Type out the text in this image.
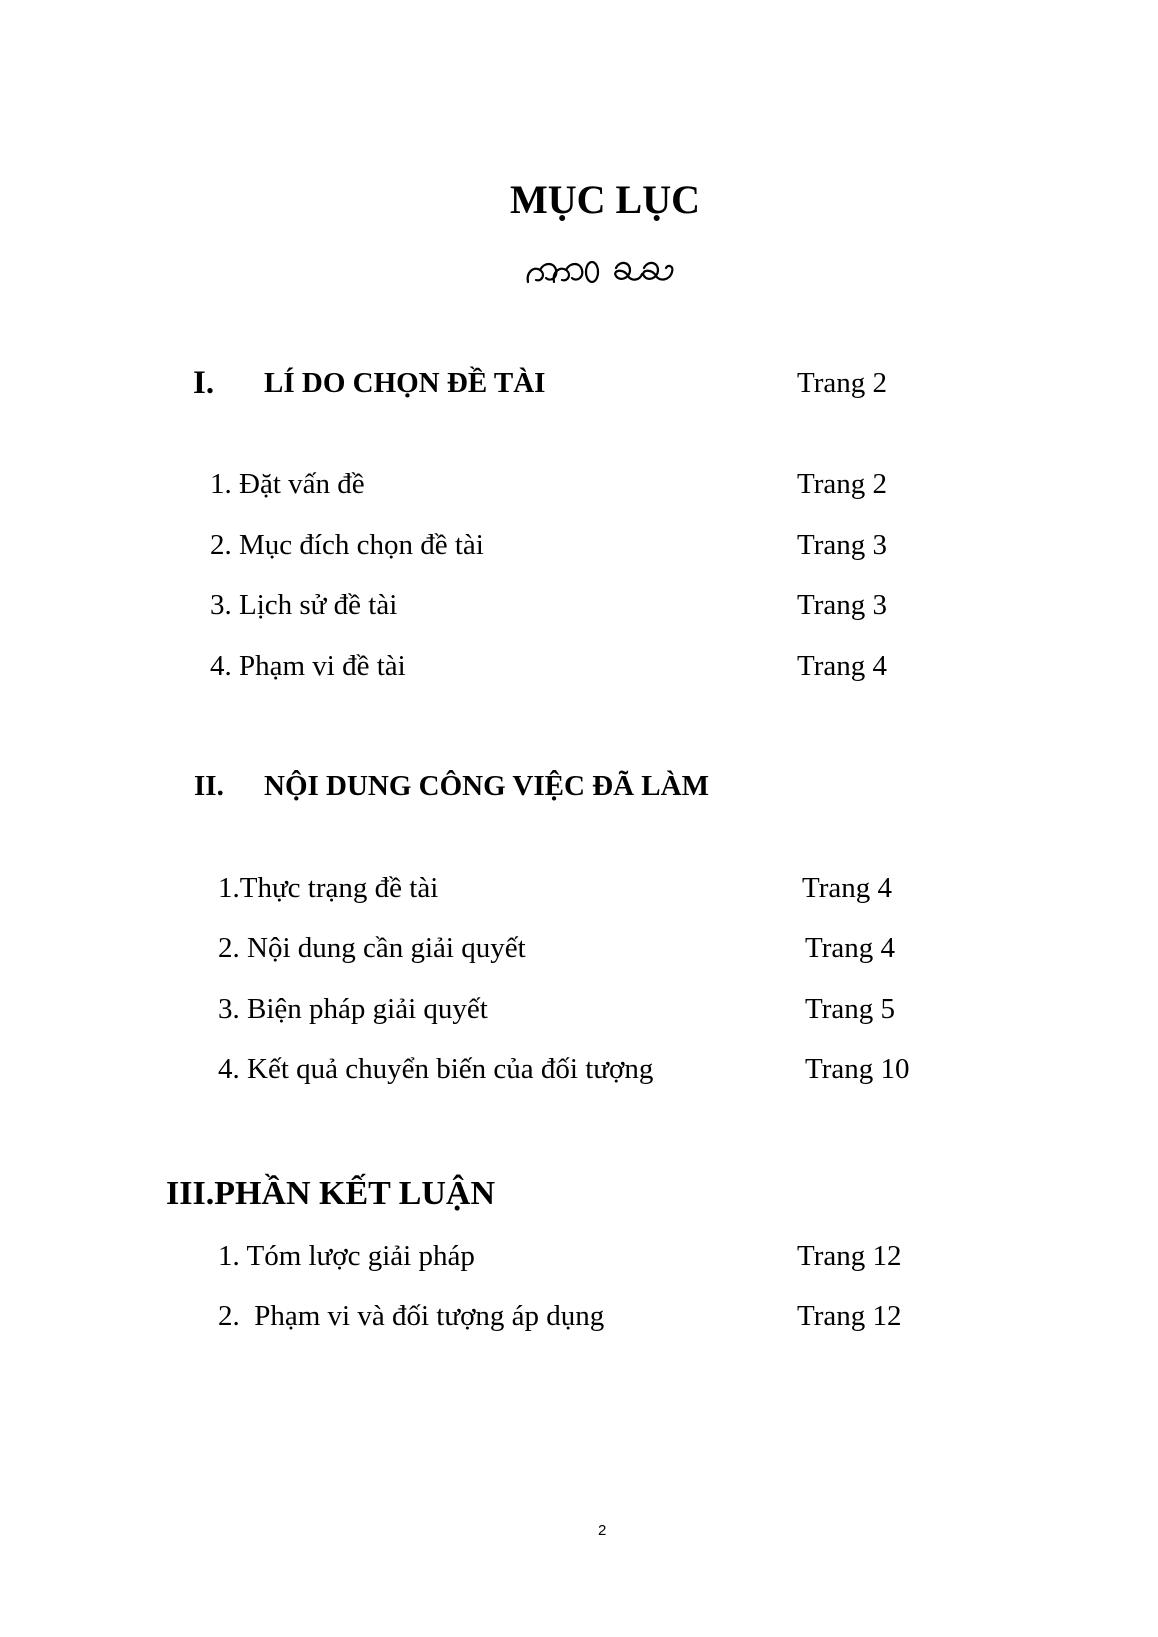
MỤC LỤC
I. LÍ DO CHỌN ĐỀ TÀI	Trang 2
1. Đặt vấn đề	Trang 2
2. Mục đích chọn đề tài	Trang 3
3. Lịch sử đề tài	Trang 3
4. Phạm vi đề tài	Trang 4
II. NỘI DUNG CÔNG VIỆC ĐÃ LÀM
1.Thực trạng đề tài	Trang 4
2. Nội dung cần giải quyết	Trang 4
3. Biện pháp giải quyết	Trang 5
4. Kết quả chuyển biến của đối tượng	Trang 10
III.PHẦN KẾT LUẬN
1. Tóm lược giải pháp	Trang 12
2.  Phạm vi và đối tượng áp dụng	Trang 12
2
